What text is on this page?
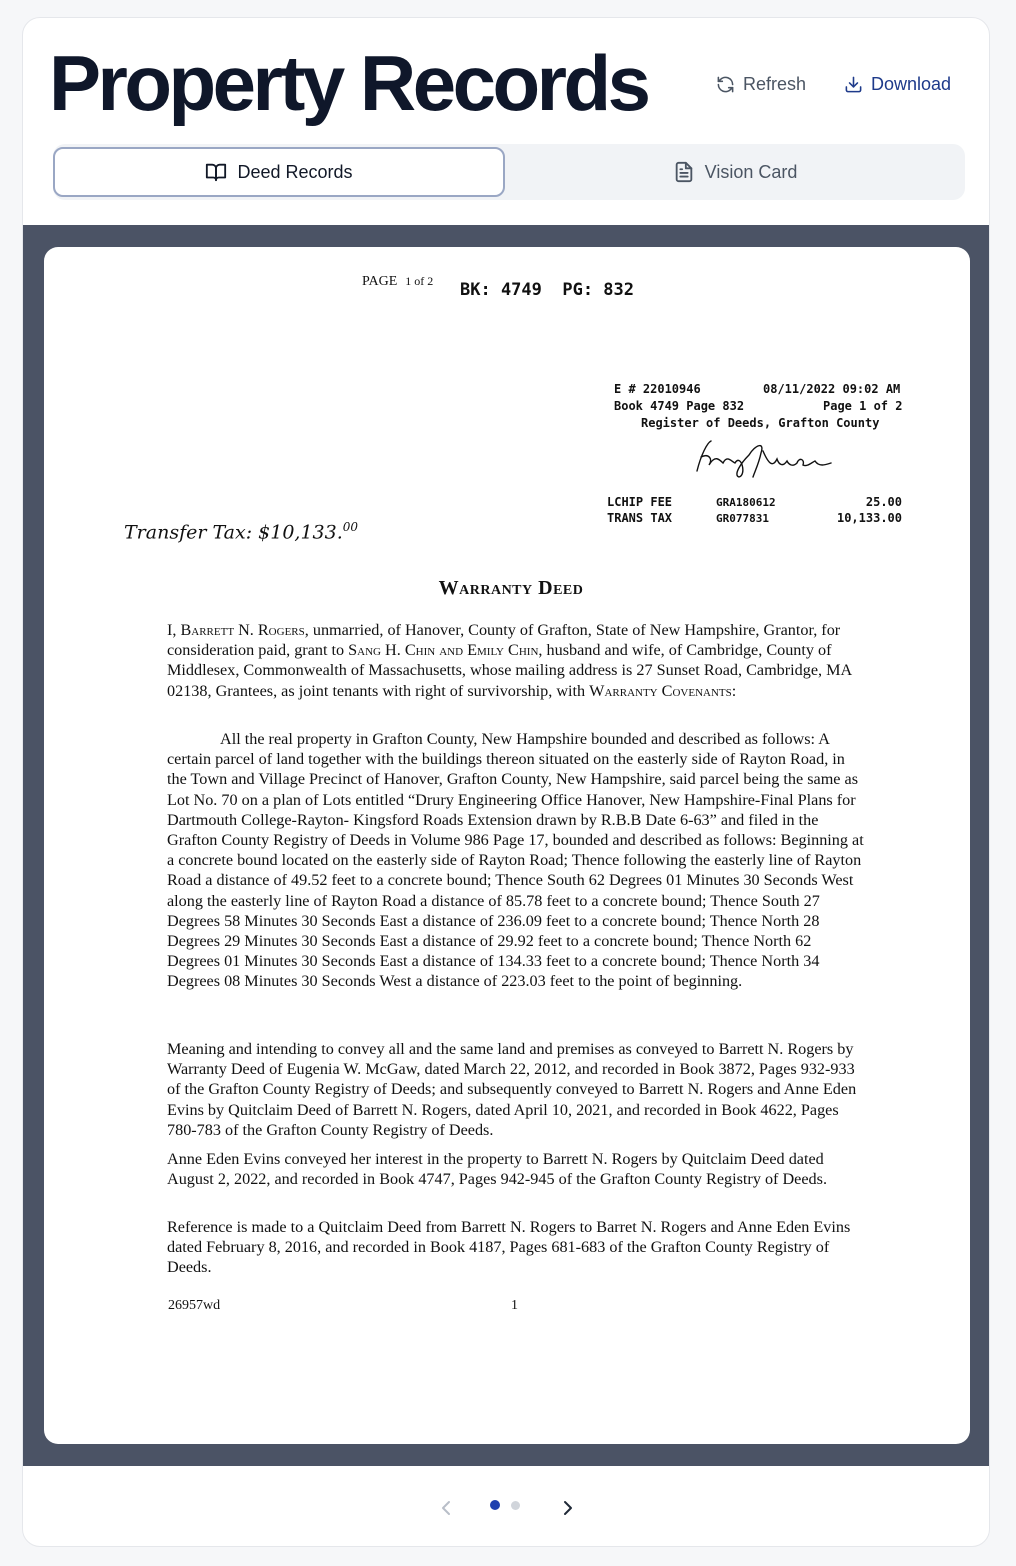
Property Records	Refresh	Download
Deed Records	Vision Card
PAGE 1 of 2 BK: 4749  PG: 832
E # 22010946	08/11/2022 09:02 AM
Book 4749 Page 832	Page 1 of 2
Register of Deeds, Grafton County
LCHIP FEE	GRA180612	25.00
TRANS TAX	GR077831	10,133.00
Transfer Tax: $10,133.00
Warranty Deed

I, Barrett N. Rogers, unmarried, of Hanover, County of Grafton, State of New Hampshire, Grantor, for consideration paid, grant to Sang H. Chin and Emily Chin, husband and wife, of Cambridge, County of Middlesex, Commonwealth of Massachusetts, whose mailing address is 27 Sunset Road, Cambridge, MA 02138, Grantees, as joint tenants with right of survivorship, with Warranty Covenants:

All the real property in Grafton County, New Hampshire bounded and described as follows: A certain parcel of land together with the buildings thereon situated on the easterly side of Rayton Road, in the Town and Village Precinct of Hanover, Grafton County, New Hampshire, said parcel being the same as Lot No. 70 on a plan of Lots entitled “Drury Engineering Office Hanover, New Hampshire-Final Plans for Dartmouth College-Rayton- Kingsford Roads Extension drawn by R.B.B Date 6-63” and filed in the Grafton County Registry of Deeds in Volume 986 Page 17, bounded and described as follows: Beginning at a concrete bound located on the easterly side of Rayton Road; Thence following the easterly line of Rayton Road a distance of 49.52 feet to a concrete bound; Thence South 62 Degrees 01 Minutes 30 Seconds West along the easterly line of Rayton Road a distance of 85.78 feet to a concrete bound; Thence South 27 Degrees 58 Minutes 30 Seconds East a distance of 236.09 feet to a concrete bound; Thence North 28 Degrees 29 Minutes 30 Seconds East a distance of 29.92 feet to a concrete bound; Thence North 62 Degrees 01 Minutes 30 Seconds East a distance of 134.33 feet to a concrete bound; Thence North 34 Degrees 08 Minutes 30 Seconds West a distance of 223.03 feet to the point of beginning.

Meaning and intending to convey all and the same land and premises as conveyed to Barrett N. Rogers by Warranty Deed of Eugenia W. McGaw, dated March 22, 2012, and recorded in Book 3872, Pages 932-933 of the Grafton County Registry of Deeds; and subsequently conveyed to Barrett N. Rogers and Anne Eden Evins by Quitclaim Deed of Barrett N. Rogers, dated April 10, 2021, and recorded in Book 4622, Pages 780-783 of the Grafton County Registry of Deeds.

Anne Eden Evins conveyed her interest in the property to Barrett N. Rogers by Quitclaim Deed dated August 2, 2022, and recorded in Book 4747, Pages 942-945 of the Grafton County Registry of Deeds.

Reference is made to a Quitclaim Deed from Barrett N. Rogers to Barret N. Rogers and Anne Eden Evins dated February 8, 2016, and recorded in Book 4187, Pages 681-683 of the Grafton County Registry of Deeds.

26957wd	1
